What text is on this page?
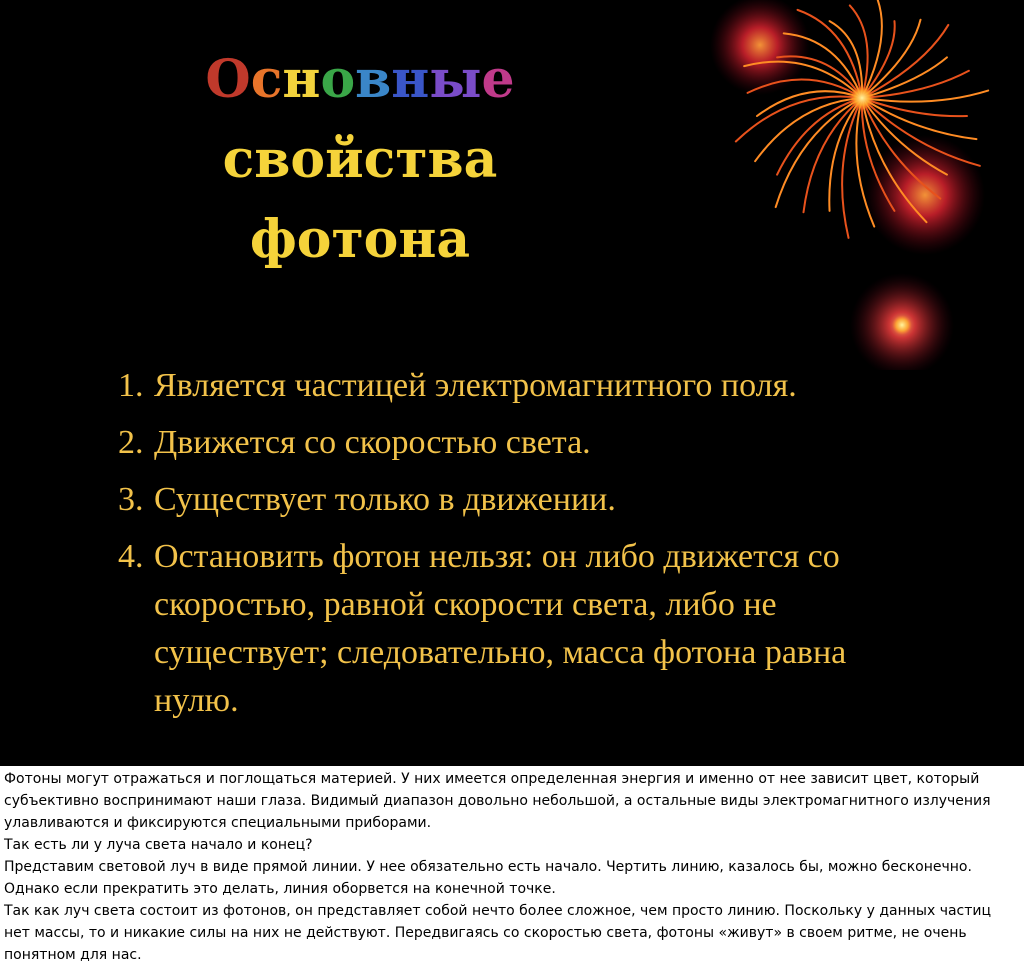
Основные
свойства
фотона
1. Является частицей электромагнитного поля.
2. Движется со скоростью света.
3. Существует только в движении.
4. Остановить фотон нельзя: он либо движется со скоростью, равной скорости света, либо не существует; следовательно, масса фотона равна нулю.

Фотоны могут отражаться и поглощаться материей. У них имеется определенная энергия и именно от нее зависит цвет, который субъективно воспринимают наши глаза. Видимый диапазон довольно небольшой, а остальные виды электромагнитного излучения улавливаются и фиксируются специальными приборами.

Так есть ли у луча света начало и конец?

Представим световой луч в виде прямой линии. У нее обязательно есть начало. Чертить линию, казалось бы, можно бесконечно. Однако если прекратить это делать, линия оборвется на конечной точке.

Так как луч света состоит из фотонов, он представляет собой нечто более сложное, чем просто линию. Поскольку у данных частиц нет массы, то и никакие силы на них не действуют. Передвигаясь со скоростью света, фотоны «живут» в своем ритме, не очень понятном для нас.
